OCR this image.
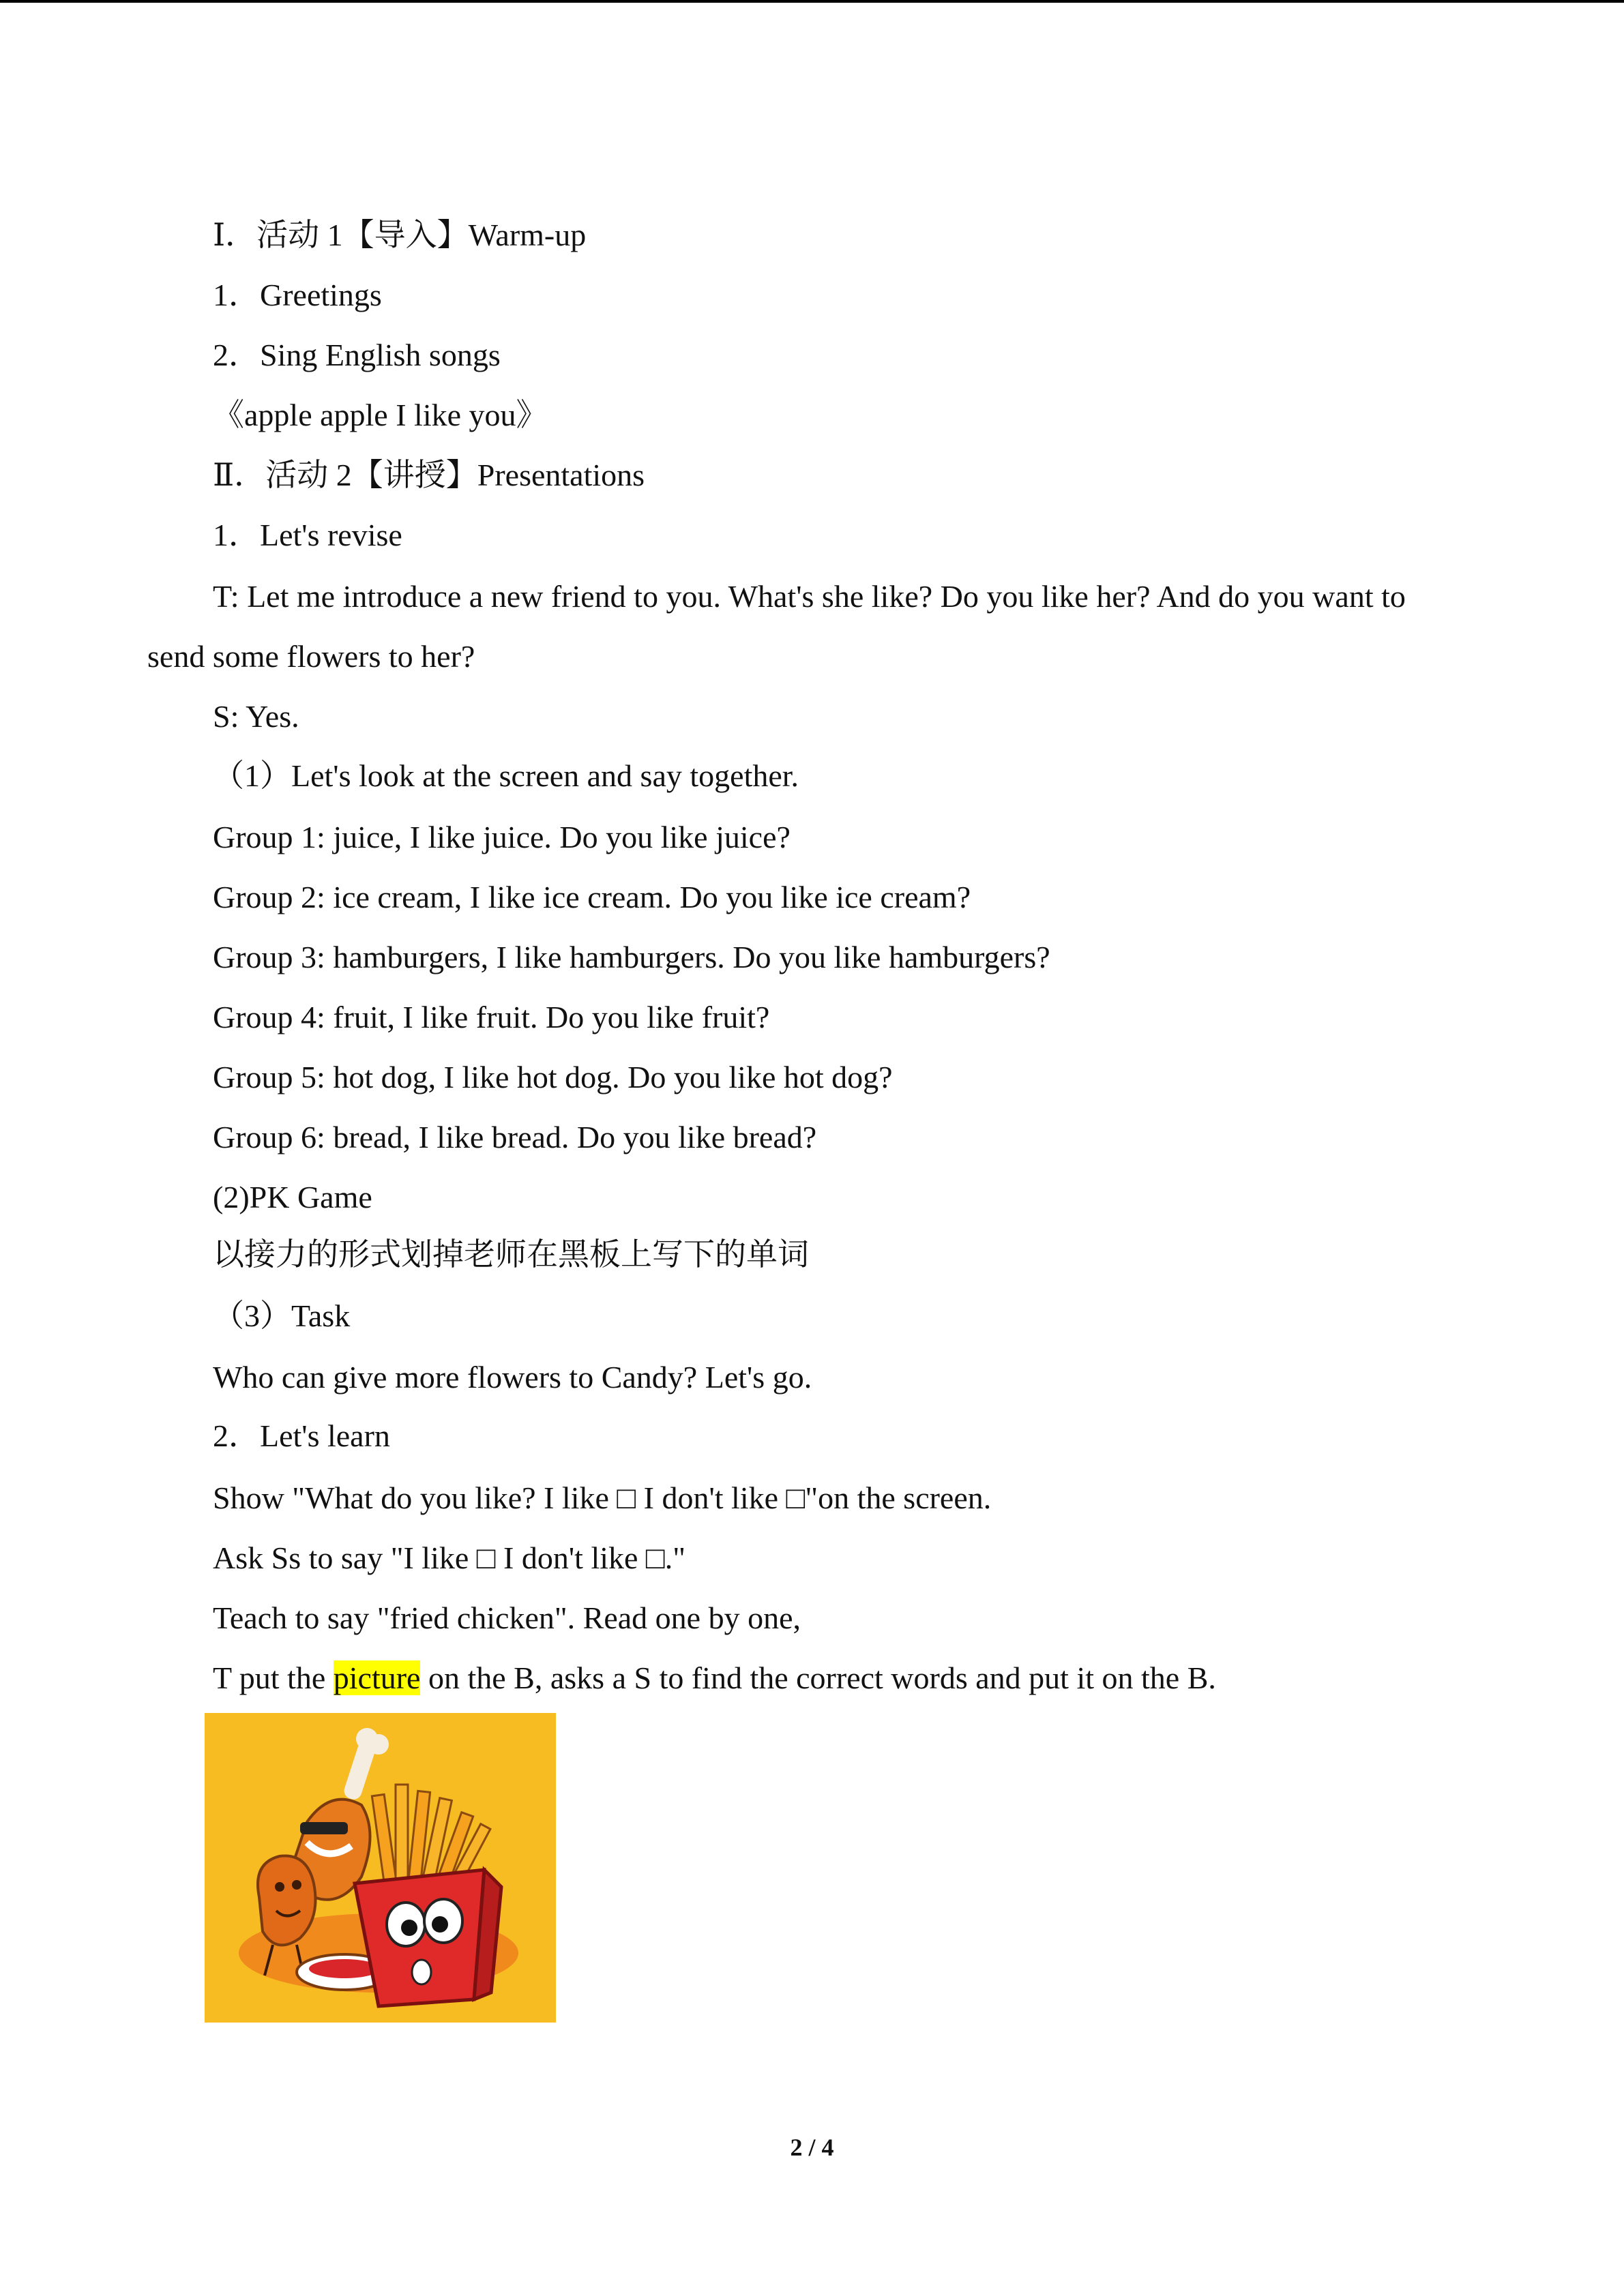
Ⅰ．活动 1【导入】Warm-up

1．Greetings

2．Sing English songs

《apple apple I like you》

Ⅱ．活动 2【讲授】Presentations

1．Let's revise

T: Let me introduce a new friend to you. What's she like? Do you like her? And do you want to

send some flowers to her?

S: Yes.

（1）Let's look at the screen and say together.

Group 1: juice, I like juice. Do you like juice?

Group 2: ice cream, I like ice cream. Do you like ice cream?

Group 3: hamburgers, I like hamburgers. Do you like hamburgers?

Group 4: fruit, I like fruit. Do you like fruit?

Group 5: hot dog, I like hot dog. Do you like hot dog?

Group 6: bread, I like bread. Do you like bread?

(2)PK Game

以接力的形式划掉老师在黑板上写下的单词

（3）Task

Who can give more flowers to Candy? Let's go.

2．Let's learn

Show "What do you like? I like □ I don't like □"on the screen.

Ask Ss to say "I like □ I don't like □."

Teach to say "fried chicken". Read one by one,

T put the picture on the B, asks a S to find the correct words and put it on the B.

2 / 4
